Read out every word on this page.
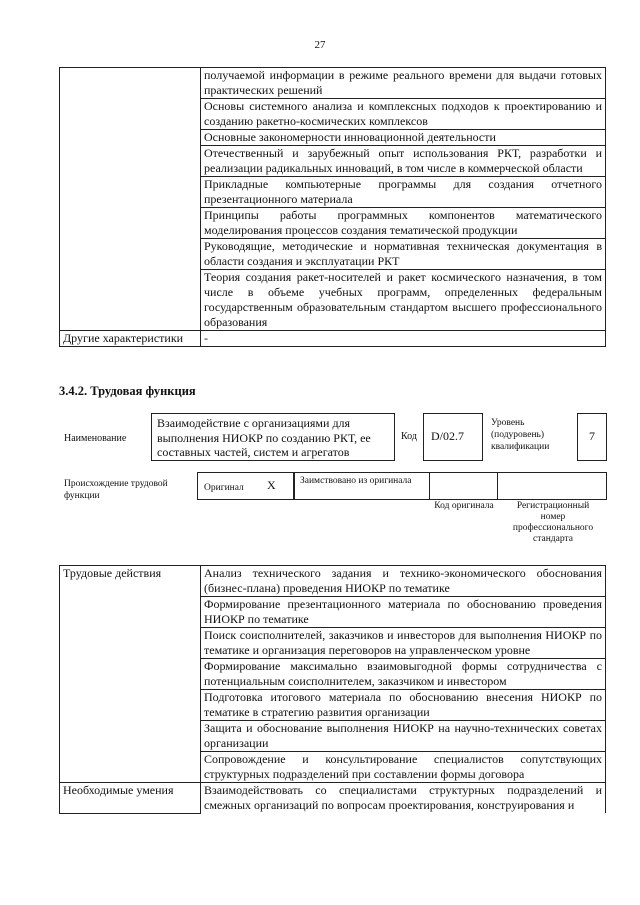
27
	получаемой информации в режиме реального времени для выдачи готовых практических решений
	Основы системного анализа и комплексных подходов к проектированию и созданию ракетно-космических комплексов
	Основные закономерности инновационной деятельности
	Отечественный и зарубежный опыт использования РКТ, разработки и реализации радикальных инноваций, в том числе в коммерческой области
	Прикладные компьютерные программы для создания отчетного презентационного материала
	Принципы работы программных компонентов математического моделирования процессов создания тематической продукции
	Руководящие, методические и нормативная техническая документация в области создания и эксплуатации РКТ
	Теория создания ракет-носителей и ракет космического назначения, в том числе в объеме учебных программ, определенных федеральным государственным образовательным стандартом высшего профессионального образования
Другие характеристики	-
3.4.2. Трудовая функция
Наименование
Взаимодействие с организациями для выполнения НИОКР по созданию РКТ, ее составных частей, систем и агрегатов
Код	D/02.7
Уровень (подуровень) квалификации
7
Происхождение трудовой функции
Оригинал X	Заимствовано из оригинала
Код оригинала	Регистрационный номер профессионального стандарта
Трудовые действия	Анализ технического задания и технико-экономического обоснования (бизнес-плана) проведения НИОКР по тематике
	Формирование презентационного материала по обоснованию проведения НИОКР по тематике
	Поиск соисполнителей, заказчиков и инвесторов для выполнения НИОКР по тематике и организация переговоров на управленческом уровне
	Формирование максимально взаимовыгодной формы сотрудничества с потенциальным соисполнителем, заказчиком и инвестором
	Подготовка итогового материала по обоснованию внесения НИОКР по тематике в стратегию развития организации
	Защита и обоснование выполнения НИОКР на научно-технических советах организации
	Сопровождение и консультирование специалистов сопутствующих структурных подразделений при составлении формы договора
Необходимые умения	Взаимодействовать со специалистами структурных подразделений и смежных организаций по вопросам проектирования, конструирования и
